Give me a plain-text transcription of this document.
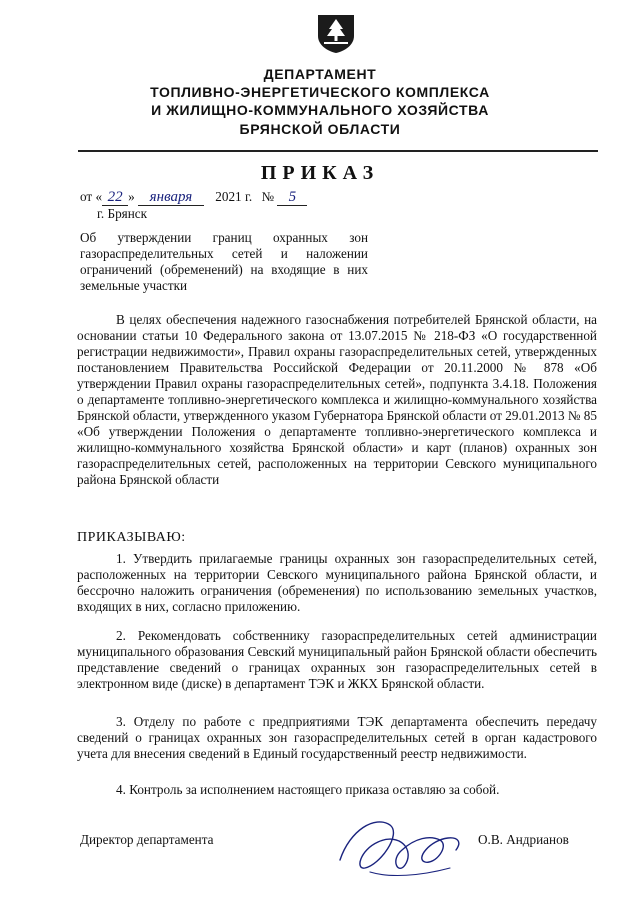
ДЕПАРТАМЕНТ
ТОПЛИВНО-ЭНЕРГЕТИЧЕСКОГО КОМПЛЕКСА
И ЖИЛИЩНО-КОММУНАЛЬНОГО ХОЗЯЙСТВА
БРЯНСКОЙ ОБЛАСТИ
ПРИКАЗ
от « 22 » января 2021 г. № 5
г. Брянск
Об утверждении границ охранных зон газораспределительных сетей и наложении ограничений (обременений) на входящие в них земельные участки
В целях обеспечения надежного газоснабжения потребителей Брянской области, на основании статьи 10 Федерального закона от 13.07.2015 № 218-ФЗ «О государственной регистрации недвижимости», Правил охраны газораспределительных сетей, утвержденных постановлением Правительства Российской Федерации от 20.11.2000 № 878 «Об утверждении Правил охраны газораспределительных сетей», подпункта 3.4.18. Положения о департаменте топливно-энергетического комплекса и жилищно-коммунального хозяйства Брянской области, утвержденного указом Губернатора Брянской области от 29.01.2013 № 85 «Об утверждении Положения о департаменте топливно-энергетического комплекса и жилищно-коммунального хозяйства Брянской области» и карт (планов) охранных зон газораспределительных сетей, расположенных на территории Севского муниципального района Брянской области
ПРИКАЗЫВАЮ:
1. Утвердить прилагаемые границы охранных зон газораспределительных сетей, расположенных на территории Севского муниципального района Брянской области, и бессрочно наложить ограничения (обременения) по использованию земельных участков, входящих в них, согласно приложению.
2. Рекомендовать собственнику газораспределительных сетей администрации муниципального образования Севский муниципальный район Брянской области обеспечить представление сведений о границах охранных зон газораспределительных сетей в электронном виде (диске) в департамент ТЭК и ЖКХ Брянской области.
3. Отделу по работе с предприятиями ТЭК департамента обеспечить передачу сведений о границах охранных зон газораспределительных сетей в орган кадастрового учета для внесения сведений в Единый государственный реестр недвижимости.
4. Контроль за исполнением настоящего приказа оставляю за собой.
Директор департамента	О.В. Андрианов
